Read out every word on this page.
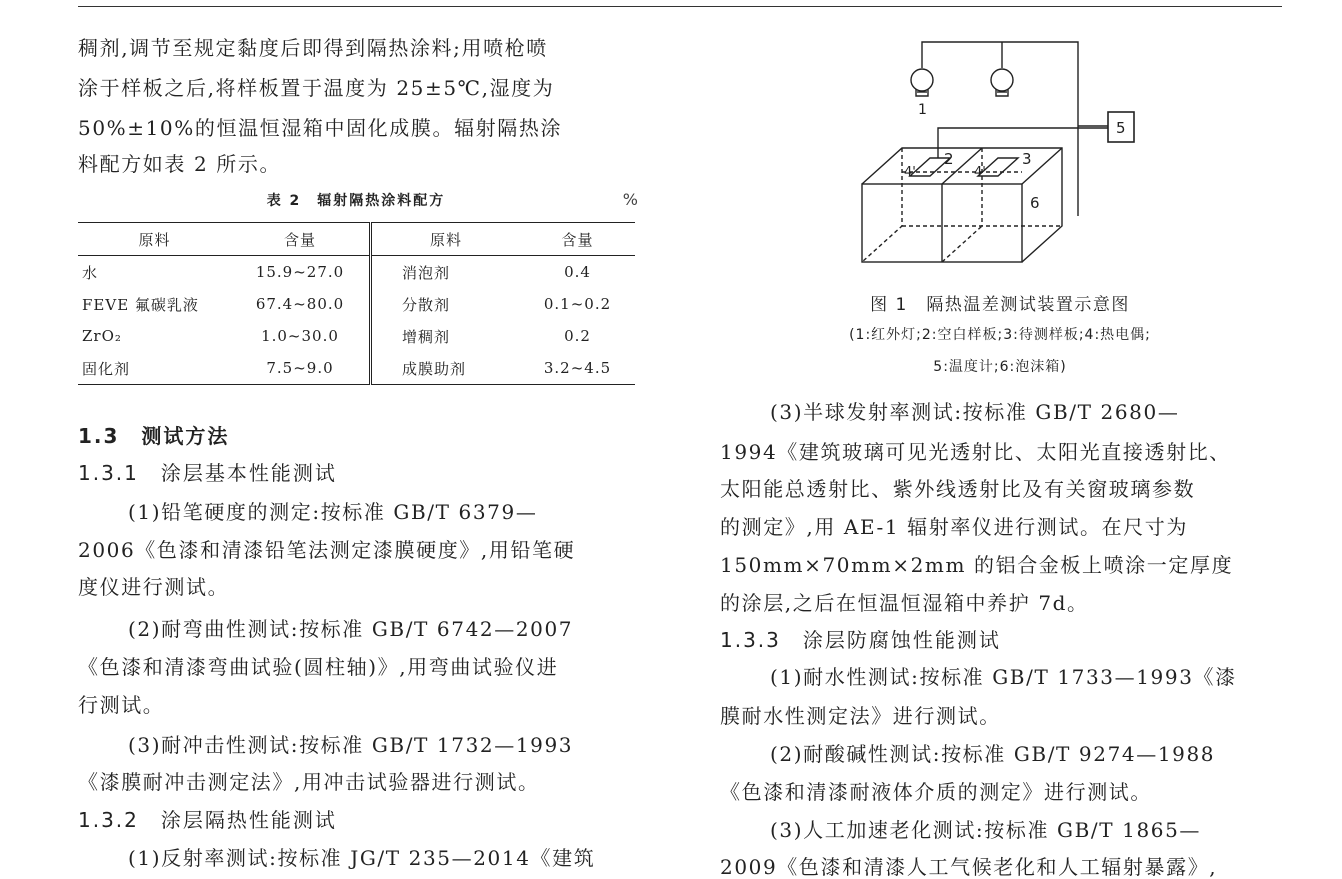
稠剂,调节至规定黏度后即得到隔热涂料;用喷枪喷
涂于样板之后,将样板置于温度为 25±5℃,湿度为
50%±10%的恒温恒湿箱中固化成膜。辐射隔热涂
料配方如表 2 所示。
表 2　辐射隔热涂料配方	%
原料	含量	原料	含量
水	15.9~27.0	消泡剂	0.4
FEVE 氟碳乳液	67.4~80.0	分散剂	0.1~0.2
ZrO₂	1.0~30.0	增稠剂	0.2
固化剂	7.5~9.0	成膜助剂	3.2~4.5
1.3　测试方法
1.3.1　涂层基本性能测试
(1)铅笔硬度的测定:按标准 GB/T 6379—
2006《色漆和清漆铅笔法测定漆膜硬度》,用铅笔硬
度仪进行测试。
(2)耐弯曲性测试:按标准 GB/T 6742—2007
《色漆和清漆弯曲试验(圆柱轴)》,用弯曲试验仪进
行测试。
(3)耐冲击性测试:按标准 GB/T 1732—1993
《漆膜耐冲击测定法》,用冲击试验器进行测试。
1.3.2　涂层隔热性能测试
(1)反射率测试:按标准 JG/T 235—2014《建筑
1
2	3
4'	4'
5
6
图 1　隔热温差测试装置示意图
(1:红外灯;2:空白样板;3:待测样板;4:热电偶;
5:温度计;6:泡沫箱)
(3)半球发射率测试:按标准 GB/T 2680—
1994《建筑玻璃可见光透射比、太阳光直接透射比、
太阳能总透射比、紫外线透射比及有关窗玻璃参数
的测定》,用 AE-1 辐射率仪进行测试。在尺寸为
150mm×70mm×2mm 的铝合金板上喷涂一定厚度
的涂层,之后在恒温恒湿箱中养护 7d。
1.3.3　涂层防腐蚀性能测试
(1)耐水性测试:按标准 GB/T 1733—1993《漆
膜耐水性测定法》进行测试。
(2)耐酸碱性测试:按标准 GB/T 9274—1988
《色漆和清漆耐液体介质的测定》进行测试。
(3)人工加速老化测试:按标准 GB/T 1865—
2009《色漆和清漆人工气候老化和人工辐射暴露》,
